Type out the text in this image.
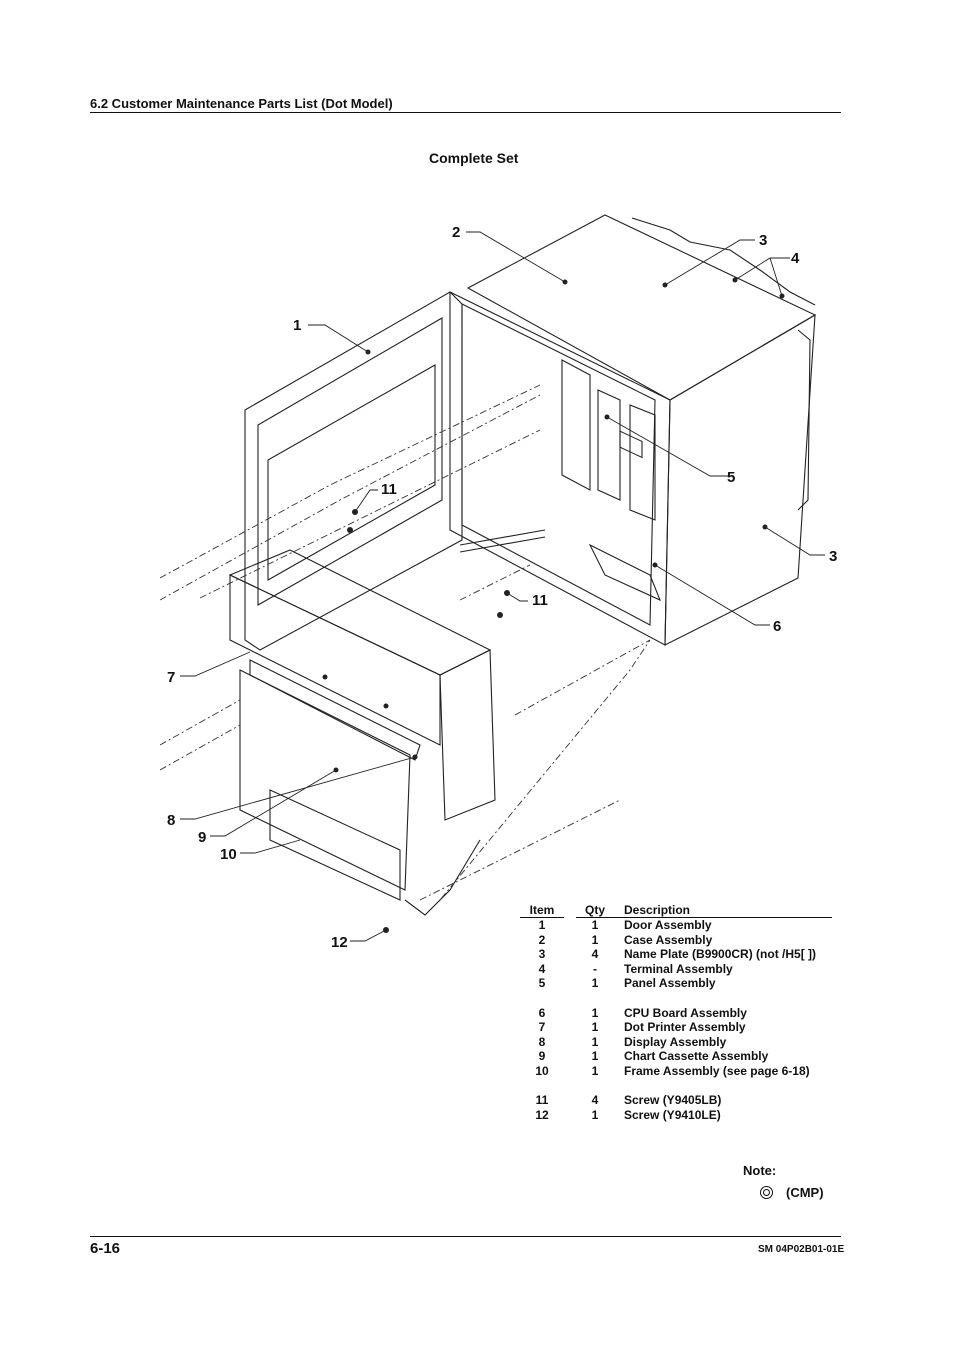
6.2 Customer Maintenance Parts List (Dot Model)
Complete Set
1
2	3
4
5
3
11
11
6
7
8
9
10
12
Item		Qty	Description
1		1	Door Assembly
2		1	Case Assembly
3		4	Name Plate (B9900CR) (not /H5[ ])
4		-	Terminal Assembly
5		1	Panel Assembly

6		1	CPU Board Assembly
7		1	Dot Printer Assembly
8		1	Display Assembly
9		1	Chart Cassette Assembly
10		1	Frame Assembly (see page 6-18)

11		4	Screw (Y9405LB)
12		1	Screw (Y9410LE)
Note:
(CMP)
6-16	SM 04P02B01-01E
